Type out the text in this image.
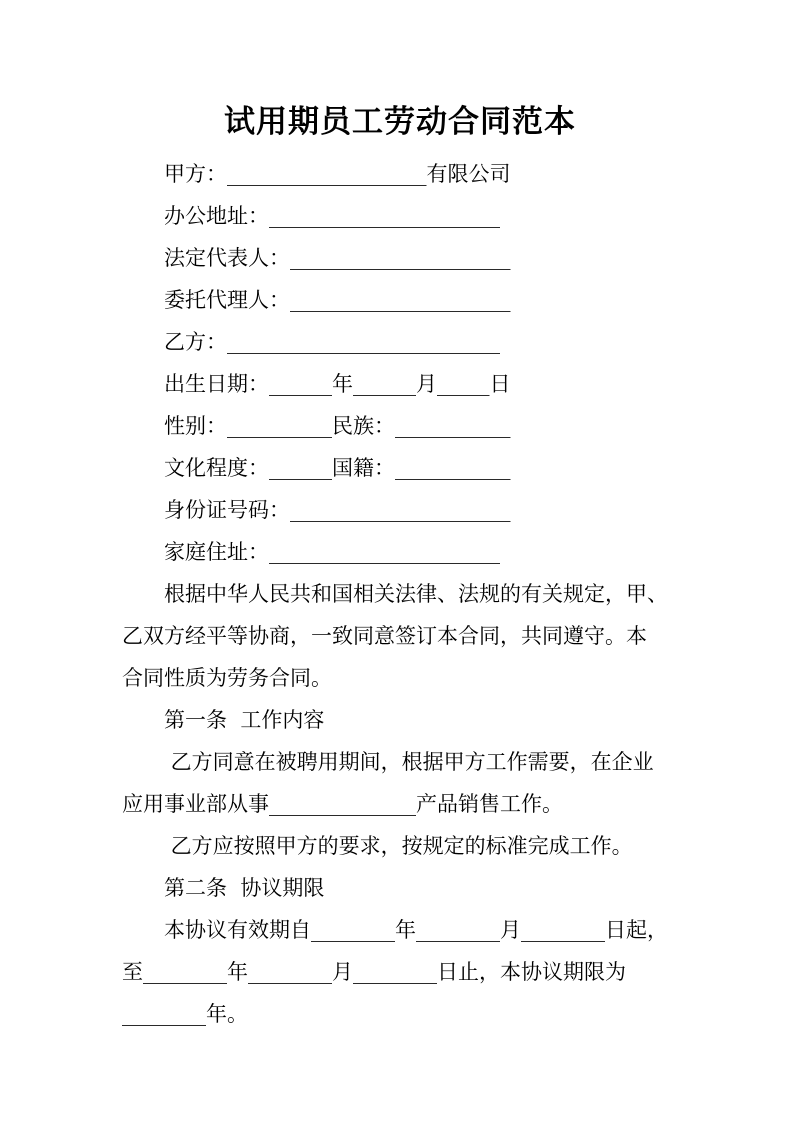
试用期员工劳动合同范本
甲方：___________________有限公司
办公地址：______________________
法定代表人：_____________________
委托代理人：_____________________
乙方：__________________________
出生日期：______年______月_____日
性别：__________民族：___________
文化程度：______国籍：___________
身份证号码：_____________________
家庭住址：______________________
根据中华人民共和国相关法律、法规的有关规定，甲、
乙双方经平等协商，一致同意签订本合同，共同遵守。本
合同性质为劳务合同。
第一条  工作内容
乙方同意在被聘用期间，根据甲方工作需要，在企业
应用事业部从事______________产品销售工作。
乙方应按照甲方的要求，按规定的标准完成工作。
第二条  协议期限
本协议有效期自________年________月________日起，
至________年________月________日止，本协议期限为
________年。
